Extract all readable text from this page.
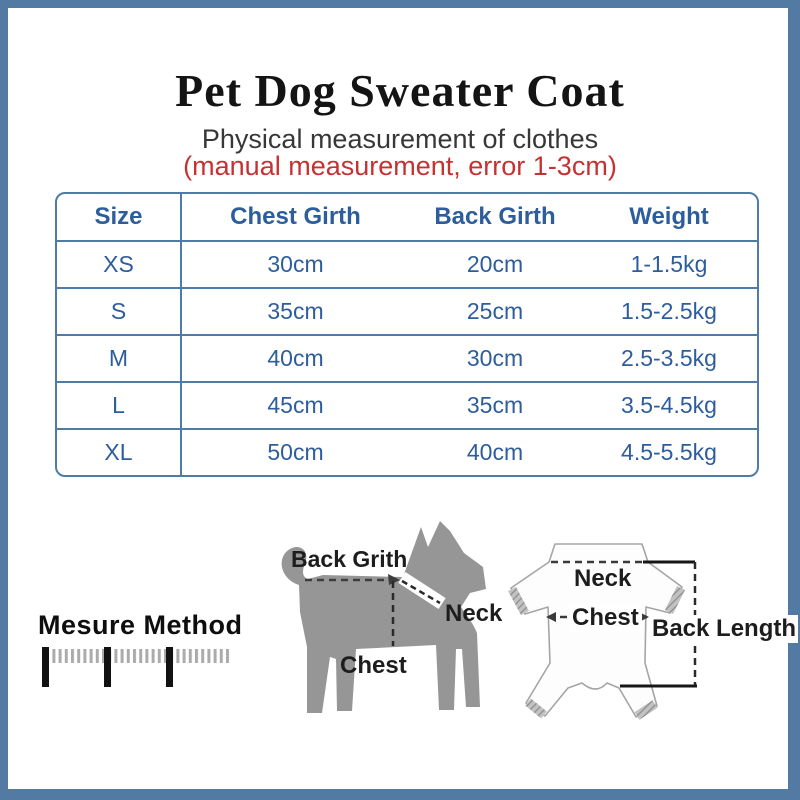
Pet Dog Sweater Coat
Physical measurement of clothes
(manual measurement, error 1-3cm)
Size	Chest Girth	Back Girth	Weight
XS	30cm	20cm	1-1.5kg
S	35cm	25cm	1.5-2.5kg
M	40cm	30cm	2.5-3.5kg
L	45cm	35cm	3.5-4.5kg
XL	50cm	40cm	4.5-5.5kg
Mesure Method
Back Grith
Neck
Chest
Neck
Chest Back Length
